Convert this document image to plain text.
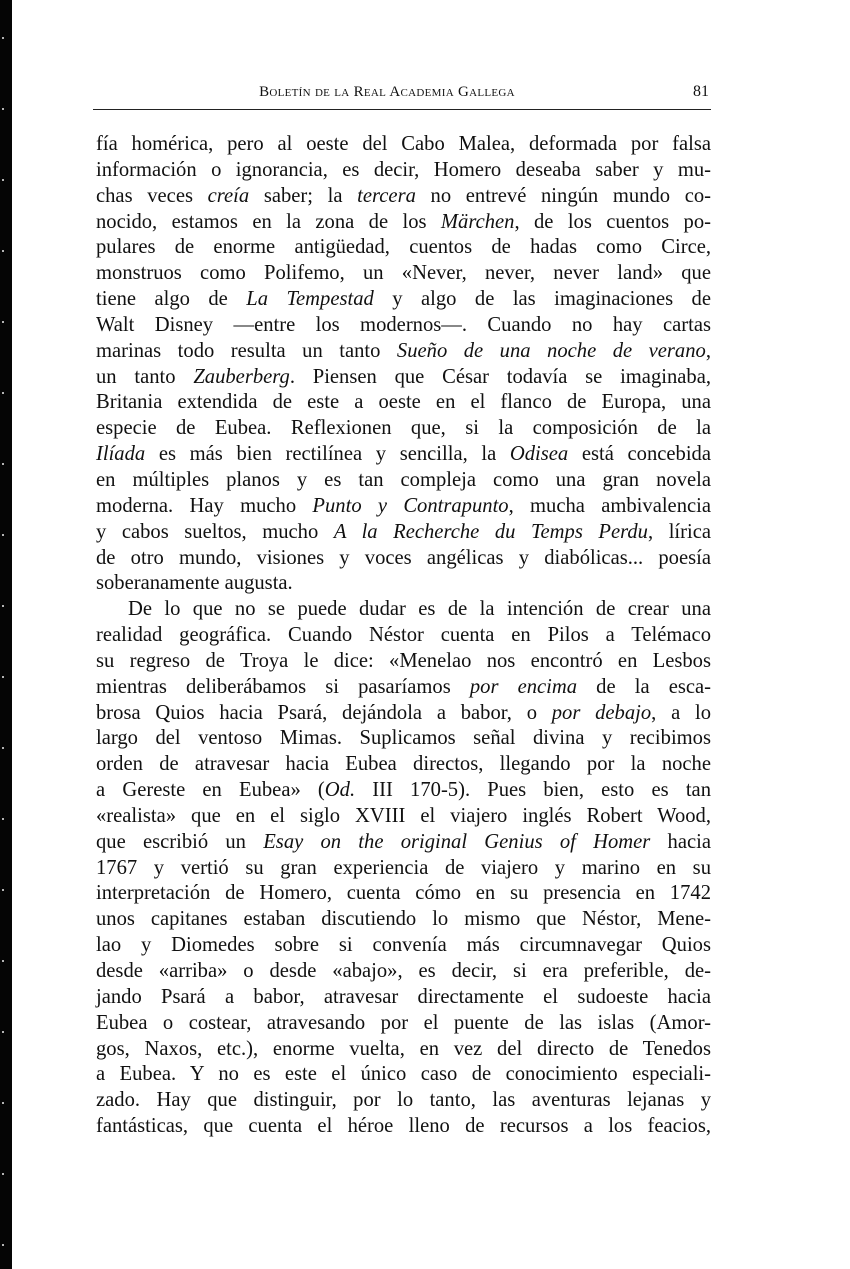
Boletín de la Real Academia Gallega	81
fía homérica, pero al oeste del Cabo Malea, deformada por falsa
información o ignorancia, es decir, Homero deseaba saber y mu-
chas veces creía saber; la tercera no entrevé ningún mundo co-
nocido, estamos en la zona de los Märchen, de los cuentos po-
pulares de enorme antigüedad, cuentos de hadas como Circe,
monstruos como Polifemo, un «Never, never, never land» que
tiene algo de La Tempestad y algo de las imaginaciones de
Walt Disney —entre los modernos—. Cuando no hay cartas
marinas todo resulta un tanto Sueño de una noche de verano,
un tanto Zauberberg. Piensen que César todavía se imaginaba,
Britania extendida de este a oeste en el flanco de Europa, una
especie de Eubea. Reflexionen que, si la composición de la
Ilíada es más bien rectilínea y sencilla, la Odisea está concebida
en múltiples planos y es tan compleja como una gran novela
moderna. Hay mucho Punto y Contrapunto, mucha ambivalencia
y cabos sueltos, mucho A la Recherche du Temps Perdu, lírica
de otro mundo, visiones y voces angélicas y diabólicas... poesía
soberanamente augusta.
De lo que no se puede dudar es de la intención de crear una
realidad geográfica. Cuando Néstor cuenta en Pilos a Telémaco
su regreso de Troya le dice: «Menelao nos encontró en Lesbos
mientras deliberábamos si pasaríamos por encima de la esca-
brosa Quios hacia Psará, dejándola a babor, o por debajo, a lo
largo del ventoso Mimas. Suplicamos señal divina y recibimos
orden de atravesar hacia Eubea directos, llegando por la noche
a Gereste en Eubea» (Od. III 170-5). Pues bien, esto es tan
«realista» que en el siglo XVIII el viajero inglés Robert Wood,
que escribió un Esay on the original Genius of Homer hacia
1767 y vertió su gran experiencia de viajero y marino en su
interpretación de Homero, cuenta cómo en su presencia en 1742
unos capitanes estaban discutiendo lo mismo que Néstor, Mene-
lao y Diomedes sobre si convenía más circumnavegar Quios
desde «arriba» o desde «abajo», es decir, si era preferible, de-
jando Psará a babor, atravesar directamente el sudoeste hacia
Eubea o costear, atravesando por el puente de las islas (Amor-
gos, Naxos, etc.), enorme vuelta, en vez del directo de Tenedos
a Eubea. Y no es este el único caso de conocimiento especiali-
zado. Hay que distinguir, por lo tanto, las aventuras lejanas y
fantásticas, que cuenta el héroe lleno de recursos a los feacios,
